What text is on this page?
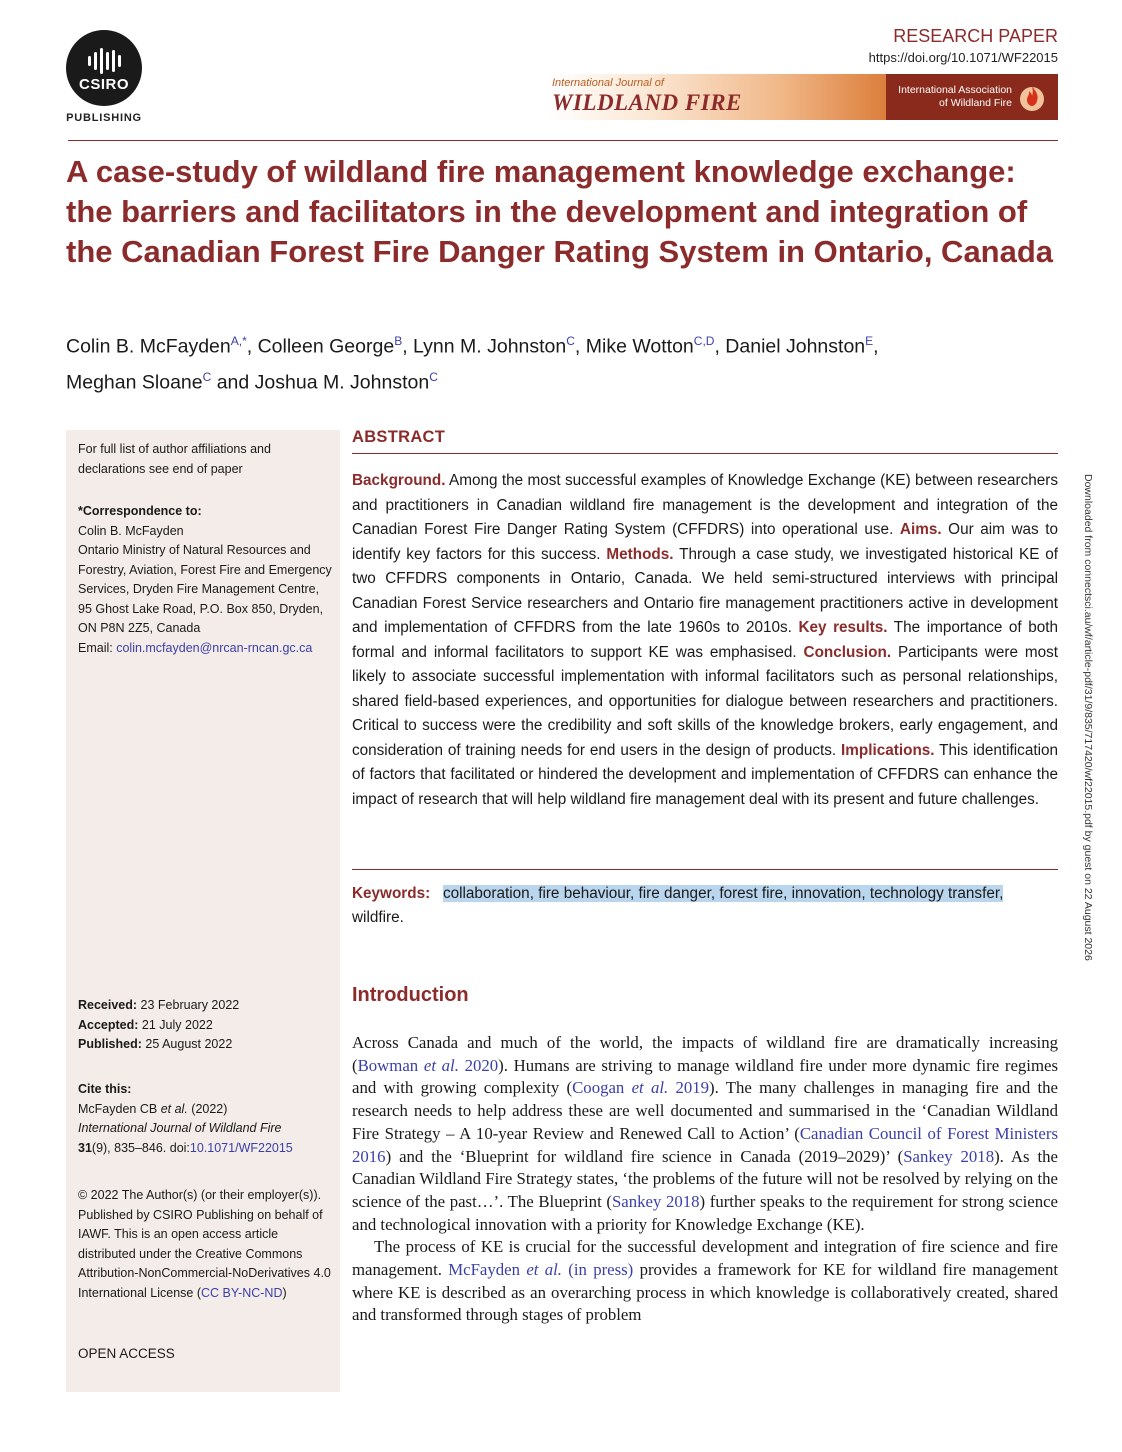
CSIRO
PUBLISHING
RESEARCH PAPER
https://doi.org/10.1071/WF22015
International Journal of
WILDLAND FIRE	International Association
of Wildland Fire
A case-study of wildland fire management knowledge exchange: the barriers and facilitators in the development and integration of the Canadian Forest Fire Danger Rating System in Ontario, Canada
Colin B. McFayden$^{A,*}$, Colleen George$^B$, Lynn M. Johnston$^C$, Mike Wotton$^{C,D}$, Daniel Johnston$^E$,
Meghan Sloane$^C$ and Joshua M. Johnston$^C$
For full list of author affiliations and declarations see end of paper
*Correspondence to:
Colin B. McFayden
Ontario Ministry of Natural Resources and Forestry, Aviation, Forest Fire and Emergency Services, Dryden Fire Management Centre, 95 Ghost Lake Road, P.O. Box 850, Dryden, ON P8N 2Z5, Canada
Email: colin.mcfayden@nrcan-rncan.gc.ca
Received: 23 February 2022
Accepted: 21 July 2022
Published: 25 August 2022
Cite this:
McFayden CB et al. (2022)
International Journal of Wildland Fire
31(9), 835–846. doi:10.1071/WF22015
© 2022 The Author(s) (or their employer(s)). Published by CSIRO Publishing on behalf of IAWF. This is an open access article distributed under the Creative Commons Attribution-NonCommercial-NoDerivatives 4.0 International License (CC BY-NC-ND)
OPEN ACCESS
ABSTRACT

Background. Among the most successful examples of Knowledge Exchange (KE) between researchers and practitioners in Canadian wildland fire management is the development and integration of the Canadian Forest Fire Danger Rating System (CFFDRS) into operational use. Aims. Our aim was to identify key factors for this success. Methods. Through a case study, we investigated historical KE of two CFFDRS components in Ontario, Canada. We held semi-structured interviews with principal Canadian Forest Service researchers and Ontario fire management practitioners active in development and implementation of CFFDRS from the late 1960s to 2010s. Key results. The importance of both formal and informal facilitators to support KE was emphasised. Conclusion. Participants were most likely to associate successful implementation with informal facilitators such as personal relationships, shared field-based experiences, and opportunities for dialogue between researchers and practitioners. Critical to success were the credibility and soft skills of the knowledge brokers, early engagement, and consideration of training needs for end users in the design of products. Implications. This identification of factors that facilitated or hindered the development and implementation of CFFDRS can enhance the impact of research that will help wildland fire management deal with its present and future challenges.

Keywords: collaboration, fire behaviour, fire danger, forest fire, innovation, technology transfer, wildfire.
Introduction

Across Canada and much of the world, the impacts of wildland fire are dramatically increasing (Bowman et al. 2020). Humans are striving to manage wildland fire under more dynamic fire regimes and with growing complexity (Coogan et al. 2019). The many challenges in managing fire and the research needs to help address these are well documented and summarised in the ‘Canadian Wildland Fire Strategy – A 10-year Review and Renewed Call to Action’ (Canadian Council of Forest Ministers 2016) and the ‘Blueprint for wildland fire science in Canada (2019–2029)’ (Sankey 2018). As the Canadian Wildland Fire Strategy states, ‘the problems of the future will not be resolved by relying on the science of the past…’. The Blueprint (Sankey 2018) further speaks to the requirement for strong science and technological innovation with a priority for Knowledge Exchange (KE).

The process of KE is crucial for the successful development and integration of fire science and fire management. McFayden et al. (in press) provides a framework for KE for wildland fire management where KE is described as an overarching process in which knowledge is collaboratively created, shared and transformed through stages of problem

Downloaded from connectsci.au/wf/article-pdf/31/9/835/717420/wf22015.pdf by guest on 22 August 2026
